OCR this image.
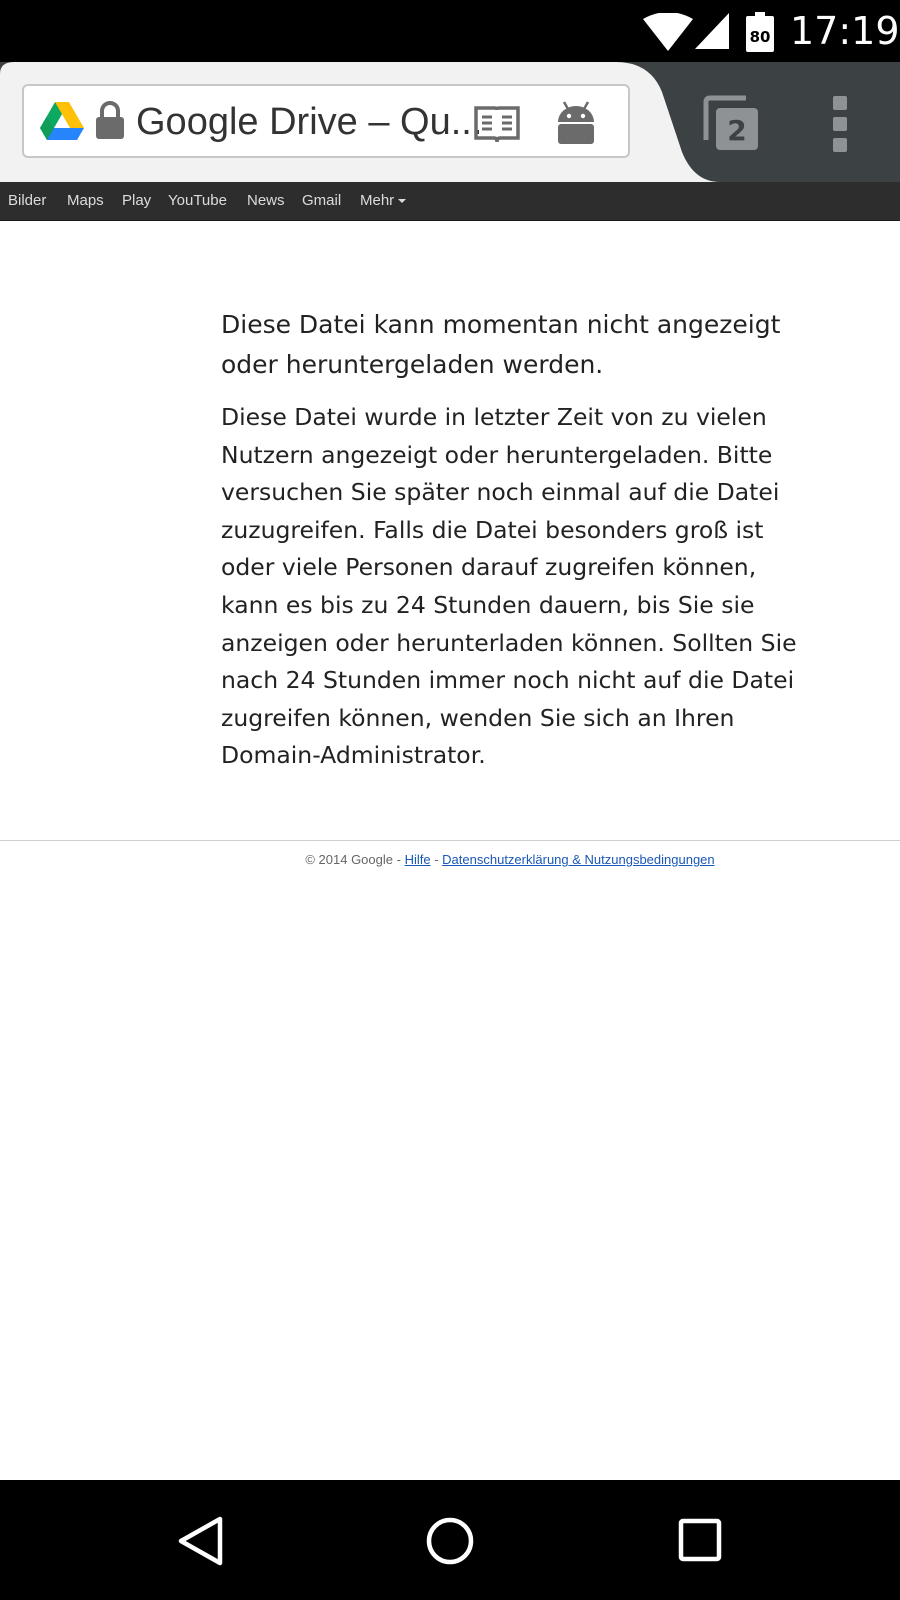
80 17:19
Google Drive – Qu...	2
Bilder Maps Play YouTube News Gmail Mehr
Diese Datei kann momentan nicht angezeigt oder heruntergeladen werden.

Diese Datei wurde in letzter Zeit von zu vielen Nutzern angezeigt oder heruntergeladen. Bitte versuchen Sie später noch einmal auf die Datei zuzugreifen. Falls die Datei besonders groß ist oder viele Personen darauf zugreifen können, kann es bis zu 24 Stunden dauern, bis Sie sie anzeigen oder herunterladen können. Sollten Sie nach 24 Stunden immer noch nicht auf die Datei zugreifen können, wenden Sie sich an Ihren Domain-Administrator.

© 2014 Google - Hilfe - Datenschutzerklärung & Nutzungsbedingungen
